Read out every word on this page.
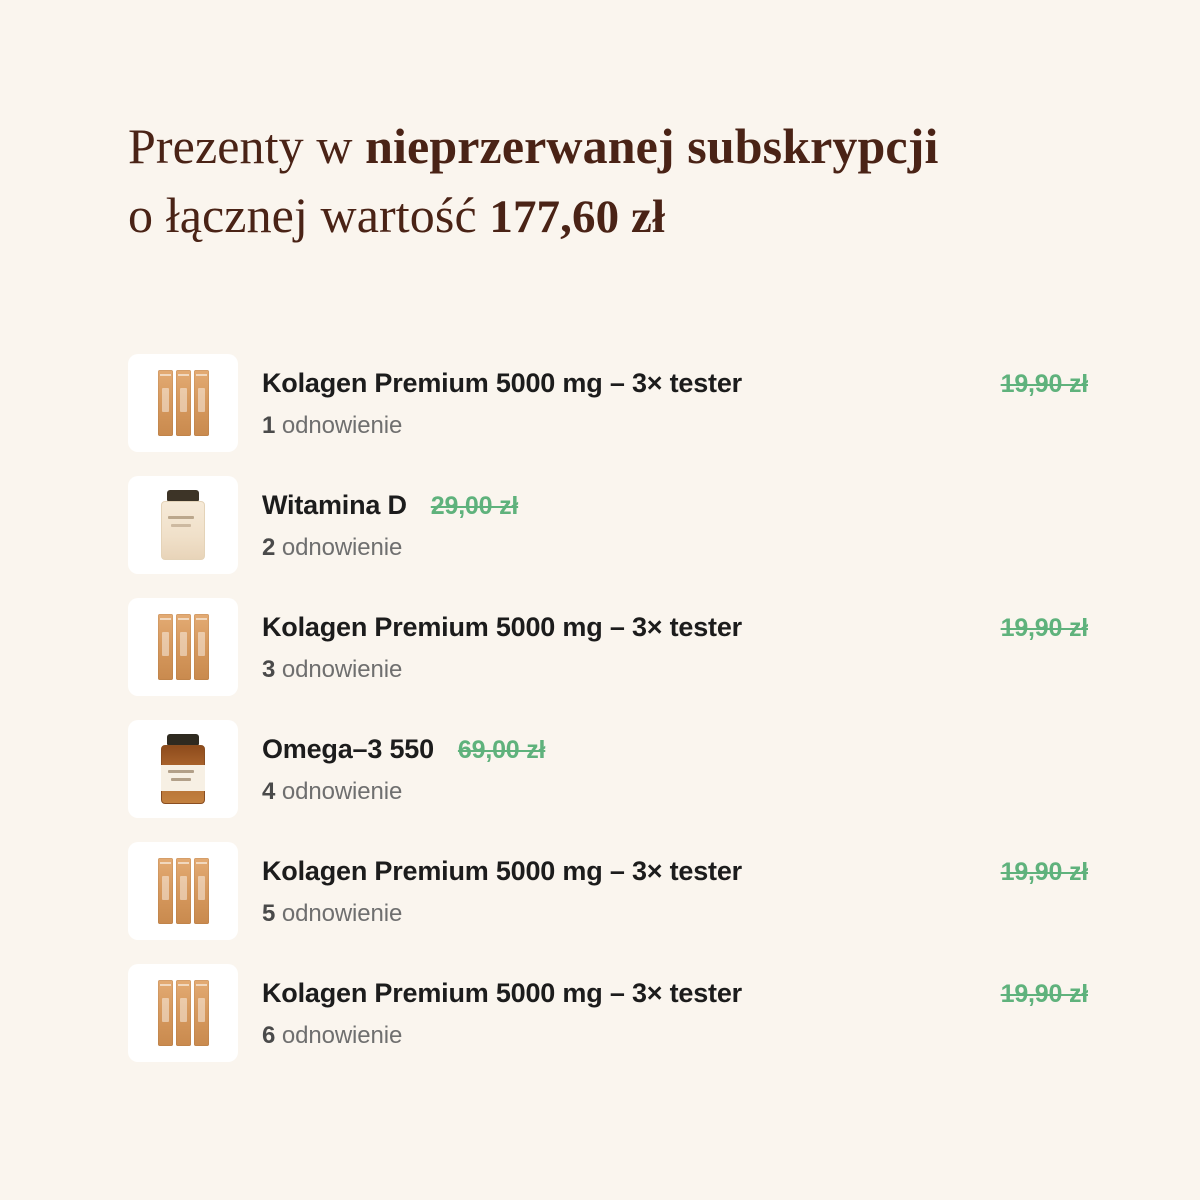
Prezenty w nieprzerwanej subskrypcji
o łącznej wartość 177,60 zł
Kolagen Premium 5000 mg – 3× tester	19,90 zł
1 odnowienie
Witamina D 29,00 zł
2 odnowienie
Kolagen Premium 5000 mg – 3× tester	19,90 zł
3 odnowienie
Omega–3 550 69,00 zł
4 odnowienie
Kolagen Premium 5000 mg – 3× tester	19,90 zł
5 odnowienie
Kolagen Premium 5000 mg – 3× tester	19,90 zł
6 odnowienie
